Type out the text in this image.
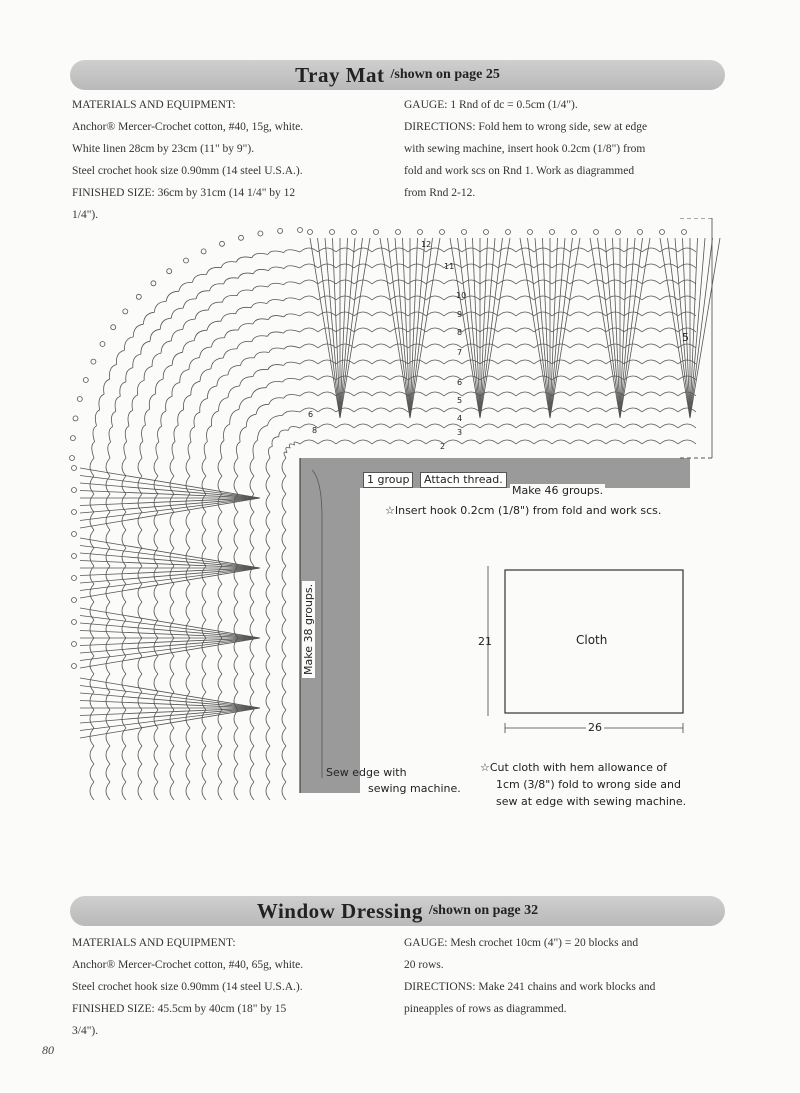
Tray Mat /shown on page 25

MATERIALS AND EQUIPMENT:

Anchor® Mercer-Crochet cotton, #40, 15g, white.

White linen 28cm by 23cm (11" by 9").

Steel crochet hook size 0.90mm (14 steel U.S.A.).

FINISHED SIZE: 36cm by 31cm (14 1/4" by 12

1/4").

GAUGE: 1 Rnd of dc = 0.5cm (1/4").

DIRECTIONS: Fold hem to wrong side, sew at edge

with sewing machine, insert hook 0.2cm (1/8") from

fold and work scs on Rnd 1. Work as diagrammed

from Rnd 2-12.

5
1 group	Attach thread.
Make 46 groups.
☆Insert hook 0.2cm (1/8") from fold and work scs.
Make 38 groups.
Sew edge with
sewing machine.
Cloth
21
26
☆Cut cloth with hem allowance of
1cm (3/8") fold to wrong side and
sew at edge with sewing machine.
12
11
10
9
8
7
6
5
4
3
2
6
8
Window Dressing /shown on page 32

MATERIALS AND EQUIPMENT:

Anchor® Mercer-Crochet cotton, #40, 65g, white.

Steel crochet hook size 0.90mm (14 steel U.S.A.).

FINISHED SIZE: 45.5cm by 40cm (18" by 15

3/4").

GAUGE: Mesh crochet 10cm (4") = 20 blocks and

20 rows.

DIRECTIONS: Make 241 chains and work blocks and

pineapples of rows as diagrammed.

80
